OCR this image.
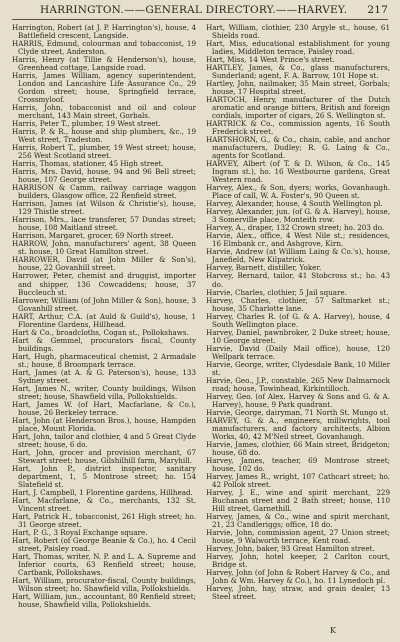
HARRINGTON.——GENERAL DIRECTORY.——HARVEY. 217

Harrington, Robert (at J. P. Harrington's), house, 4 Battlefield crescent, Langside.

HARRIS, Edmund, colourman and tobacconist, 19 Clyde street, Anderston.

Harris, Henry (at Tillie & Henderson's), house, Greenhead cottage, Langside road.

Harris, James William, agency superintendent, London and Lancashire Life Assurance Co., 29 Gordon street; house, Springfield terrace, Crossmyloof.

Harris, John, tobacconist and oil and colour merchant, 143 Main street, Gorbals.

Harris, Peter T., plumber, 19 West street.

Harris, P. & R., house and ship plumbers, &c., 19 West street, Tradeston.

Harris, Robert T., plumber, 19 West street; house, 256 West Scotland street.

Harris, Thomas, stationer, 45 High street.

Harris, Mrs. David, house, 94 and 96 Bell street; house, 107 George street.

HARRISON & Camm, railway carriage waggon builders, Glasgow office, 22 Renfield street.

Harrison, James (at Wilson & Christie's), house, 129 Thistle street.

Harrison, Mrs., lace transferer, 57 Dundas street; house, 108 Maitland street.

Harrison, Margaret, grocer, 69 North street.

HARROW, John, manufacturers' agent, 38 Queen st. house, 10 Great Hamilton street.

HARROWER, David (at John Miller & Son's), house, 22 Govanhill street.

Harrower, Peter, chemist and druggist, importer and shipper, 136 Cowcaddens; house, 37 Buccleuch st.

Harrower, William (of John Miller & Son), house, 3 Govanhill street.

HART, Arthur, C.A. (at Auld & Guild's), house, 1 Florentine Gardens, Hillhead.

Hart & Co., broadcloths, Cogan st., Pollokshaws.

Hart & Gemmel, procurators fiscal, County buildings.

Hart, Hugh, pharmaceutical chemist, 2 Armadale st.; house, 8 Broompark terrace.

Hart, James (at A. & G. Paterson's), house, 133 Sydney street.

Hart, James N., writer, County buildings, Wilson street; house, Shawfield villa, Pollokshields.

Hart, James W. (of Hart, Macfarlane, & Co.), house, 26 Berkeley terrace.

Hart, John (at Henderson Bros.), house, Hampden place, Mount Florida.

Hart, John, tailor and clothier, 4 and 5 Great Clyde street; house, 6 do.

Hart, John, grocer and provision merchant, 67 Stewart street; house, Gilshilhill farm, Maryhill.

Hart, John P., district inspector, sanitary department, 1, 5 Montrose street; ho. 154 Slatefield st.

Hart, J. Campbell, 1 Florentine gardens, Hillhead.

Hart, Macfarlane, & Co., merchants, 132 St. Vincent street.

Hart, Patrick H., tobacconist, 261 High street; ho. 31 George street.

Hart, P. G., 3 Royal Exchange square.

Hart, Robert (of George Beanie & Co.), ho. 4 Cecil street, Paisley road.

Hart, Thomas, writer, N. P. and L. A. Supreme and Inferior courts, 63 Renfield street; house, Cartbank, Pollokshaws.

Hart, William, procurator-fiscal, County buildings, Wilson street; ho. Shawfield villa, Pollokshields.

Hart, William, jun., accountant, 80 Renfield street; house, Shawfield villa, Pollokshields.

Hart, William, clothier, 230 Argyle st., house, 61 Shields road.

Hart, Miss, educational establishment for young ladies, Middleton terrace, Paisley road.

Hart, Miss, 14 West Prince's street.

HARTLEY, James, & Co., glass manufacturers, Sunderland; agent, F. A. Barrow, 101 Hope st.

Hartley, John, nailmaker, 35 Main street, Gorbals; house, 17 Hospital street.

HARTOCH, Henry, manufacturer of the Dutch aromatic and orange bitters, British and foreign cordials, importer of cigars, 26 S. Wellington st.

HARTRICK & Co., commission agents, 16 South Frederick street.

HARTSHORN, G., & Co., chain, cable, and anchor manufacturers, Dudley; R. G. Laing & Co., agents for Scotland.

HARVEY, Albert (of T. & D. Wilson, & Co., 145 Ingram st.), ho. 16 Westbourne gardens, Great Western road.

Harvey, Alex., & Son, dyers; works, Govanhaugh. Place of call, W. A. Foster's, 90 Queen st.

Harvey, Alexander, house, 4 South Wellington pl.

Harvey, Alexander, jun. (of G. & A. Harvey), house, 3 Somerville place, Monteith row.

Harvey, A., draper, 132 Crown street; ho. 203 do.

Harvie, Alex., office, 4 West Nile st.; residences, 16 Elmbank cr., and Ashgrove, Kirn.

Harvie, Andrew (at William Laing & Co.'s), house, Janefield, New Kilpatrick.

Harvey, Barnett, distiller, Yoker.

Harvey, Bernard, tailor, 41 Stobcross st.; ho. 43 do.

Harvie, Charles, clothier, 5 Jail square.

Harvey, Charles, clothier, 57 Saltmarket st.; house, 35 Charlotte lane.

Harvey, Charles R. (of G. & A. Harvey), house, 4 South Wellington place.

Harvey, Daniel, pawnbroker, 2 Duke street; house, 10 George street.

Harvie, David (Daily Mail office), house, 120 Wellpark terrace.

Harvie, George, writer, Clydesdale Bank, 10 Miller st.

Harvie, Geo., J.P., constable, 265 New Dalmarnock road; house, Towinhead, Kirkintilloch.

Harvey, Geo. (of Alex. Harvey & Sons and G. & A. Harvey), house, 9 Park quadrant.

Harvie, George, dairyman, 71 North St. Mungo st.

HARVEY, G. & A., engineers, millwrights, tool manufacturers, and factory architects, Albion Works, 40, 42 M'Neil street, Govanhaugh.

Harvie, James, clothier, 66 Main street, Bridgeton; house, 68 do.

Harvey, James, teacher, 69 Montrose street; house, 102 do.

Harvey, James R., wright, 107 Cathcart street; ho. 42 Pollok street.

Harvey, J. E., wine and spirit merchant, 229 Buchanan street and 2 Bath street; house, 110 Hill street, Garnethill.

Harvey, James, & Co., wine and spirit merchant, 21, 23 Candleriggs; office, 18 do.

Harvie, John, commission agent, 27 Union street; house, 9 Walworth terrace, Kent road.

Harvey, John, baker, 93 Great Hamilton street.

Harvey, John, hotel keeper, 2 Carlton court, Bridge st.

Harvey, John (of John & Robert Harvey & Co., and John & Wm. Harvey & Co.), ho. 11 Lynedoch pl.

Harvey, John, hay, straw, and grain dealer, 13 Steel street.

K
